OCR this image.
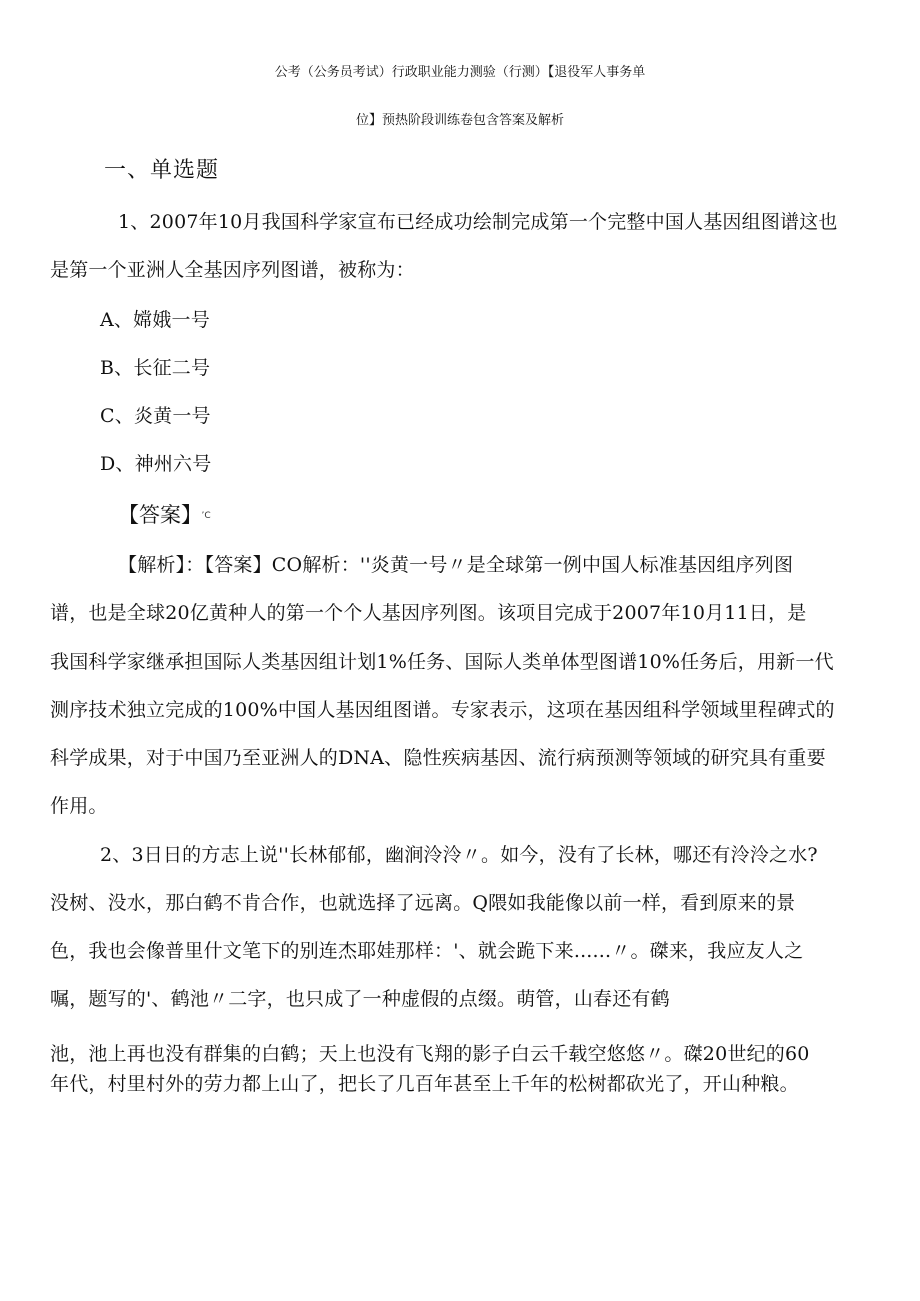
公考（公务员考试）行政职业能力测验（行测）【退役军人事务单
位】预热阶段训练卷包含答案及解析
一、单选题
1、2007年10月我国科学家宣布已经成功绘制完成第一个完整中国人基因组图谱这也
是第一个亚洲人全基因序列图谱，被称为：
A、嫦娥一号
B、长征二号
C、炎黄一号
D、神州六号
【答案】 ’C
【解析】：【答案】CO解析：''炎黄一号〃是全球第一例中国人标准基因组序列图
谱，也是全球20亿黄种人的第一个个人基因序列图。该项目完成于2007年10月11日，是
我国科学家继承担国际人类基因组计划1%任务、国际人类单体型图谱10%任务后，用新一代
测序技术独立完成的100%中国人基因组图谱。专家表示，这项在基因组科学领域里程碑式的
科学成果，对于中国乃至亚洲人的DNA、隐性疾病基因、流行病预测等领域的研究具有重要
作用。
2、3日日的方志上说''长林郁郁，幽涧泠泠〃。如今，没有了长林，哪还有泠泠之水?
没树、没水，那白鹤不肯合作，也就选择了远离。Q隈如我能像以前一样，看到原来的景
色，我也会像普里什文笔下的别连杰耶娃那样：'、就会跪下来......〃。磔来，我应友人之
嘱，题写的'、鹤池〃二字，也只成了一种虚假的点缀。萌管，山春还有鹤
池，池上再也没有群集的白鹤；天上也没有飞翔的影子白云千载空悠悠〃。磔20世纪的60
年代，村里村外的劳力都上山了，把长了几百年甚至上千年的松树都砍光了，开山种粮。
